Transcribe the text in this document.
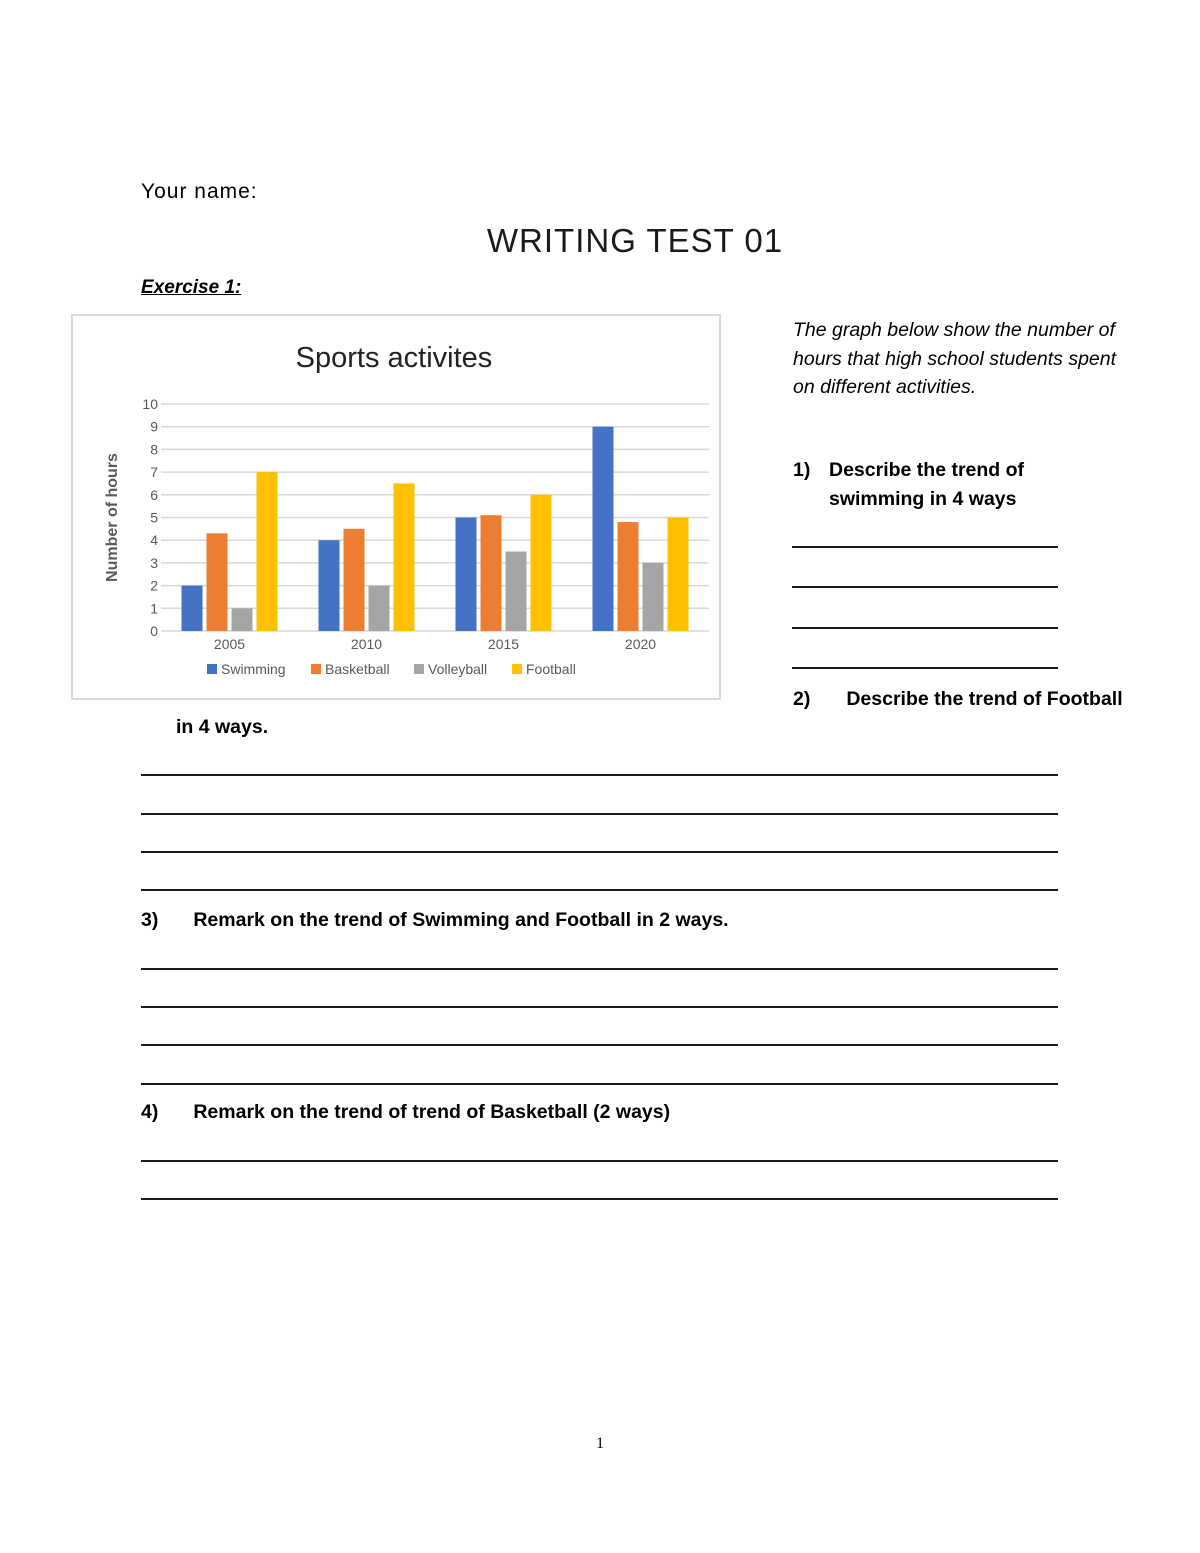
Your name:
WRITING TEST 01
Exercise 1:
Sports activites
0
1
2
3
4
5
6
7
8
9
10
Number of hours
2005	2010	2015	2020
Swimming	Basketball	Volleyball	Football
The graph below show the number of hours that high school students spent on different activities.
1) Describe the trend of swimming in 4 ways
2) Describe the trend of Football
in 4 ways.
3) Remark on the trend of Swimming and Football in 2 ways.
4) Remark on the trend of trend of Basketball (2 ways)
1
